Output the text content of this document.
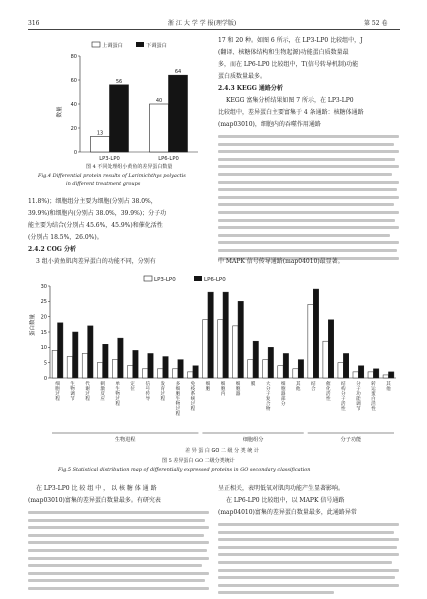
316	浙 江 大 学 学 报(理学版)	第 52 卷
上调蛋白	下调蛋白
数量
0
20
40
60
80
LP3-LP0	LP6-LP0
13
56
40
64
图 4 不同处理组小黄鱼的差异蛋白数量
Fig.4 Differential protein results of Larimichthys polyactis
in different treatment groups
11.8%)；细胞组分主要为细胞(分别占 38.0%，
39.9%)和细胞内(分别占 38.0%，39.9%)；分子功
能主要为结合(分别占 45.6%，45.9%)和催化活性
(分别占 18.5%，26.0%)。
2.4.2 COG 分析
3 组小黄鱼肌肉差异蛋白的功能不同，分别有
17 和 20 种。如图 6 所示，在 LP3-LP0 比较组中，J
(翻译、核糖体结构和生物起源)功能蛋白质数量最
多，而在 LP6-LP0 比较组中，T(信号转导机制)功能
蛋白质数量最多。
2.4.3 KEGG 通路分析
KEGG 富集分析结果如图 7 所示，在 LP3-LP0
比较组中，差异蛋白主要富集于 4 条通路：核糖体通路
(map03010)，细胞内的吞噬作用通路
中 MAPK 信号传导通路(map04010)最显著。
LP3-LP0	LP6-LP0
蛋白数量
0
5
10
15
20
25
30
细胞过程
生物调节
代谢过程
刺激反应
单生物过程
定位
信号传导
发育过程
多细胞生物过程
免疫系统过程
细胞
细胞内
细胞器
膜 大分子复合物
细胞器部分
其他
结合
催化活性
结构分子活性
分子功能调节
转运蛋白活性
其他
生物进程	细胞组分	分子功能
差 异 蛋 白 GO 二 级 分 类 统 计
图 5 差异蛋白 GO 二级分类统计
Fig.5 Statistical distribution map of differentially expressed proteins in GO secondary classification
在 LP3-LP0 比 较 组 中 ， 以 核 糖 体 通 路
(map03010)富集的差异蛋白数量最多。有研究表
呈正相关，表明低氧对肌肉功能产生显著影响。
在 LP6-LP0 比较组中，以 MAPK 信号通路
(map04010)富集的差异蛋白数量最多，此通路异常
